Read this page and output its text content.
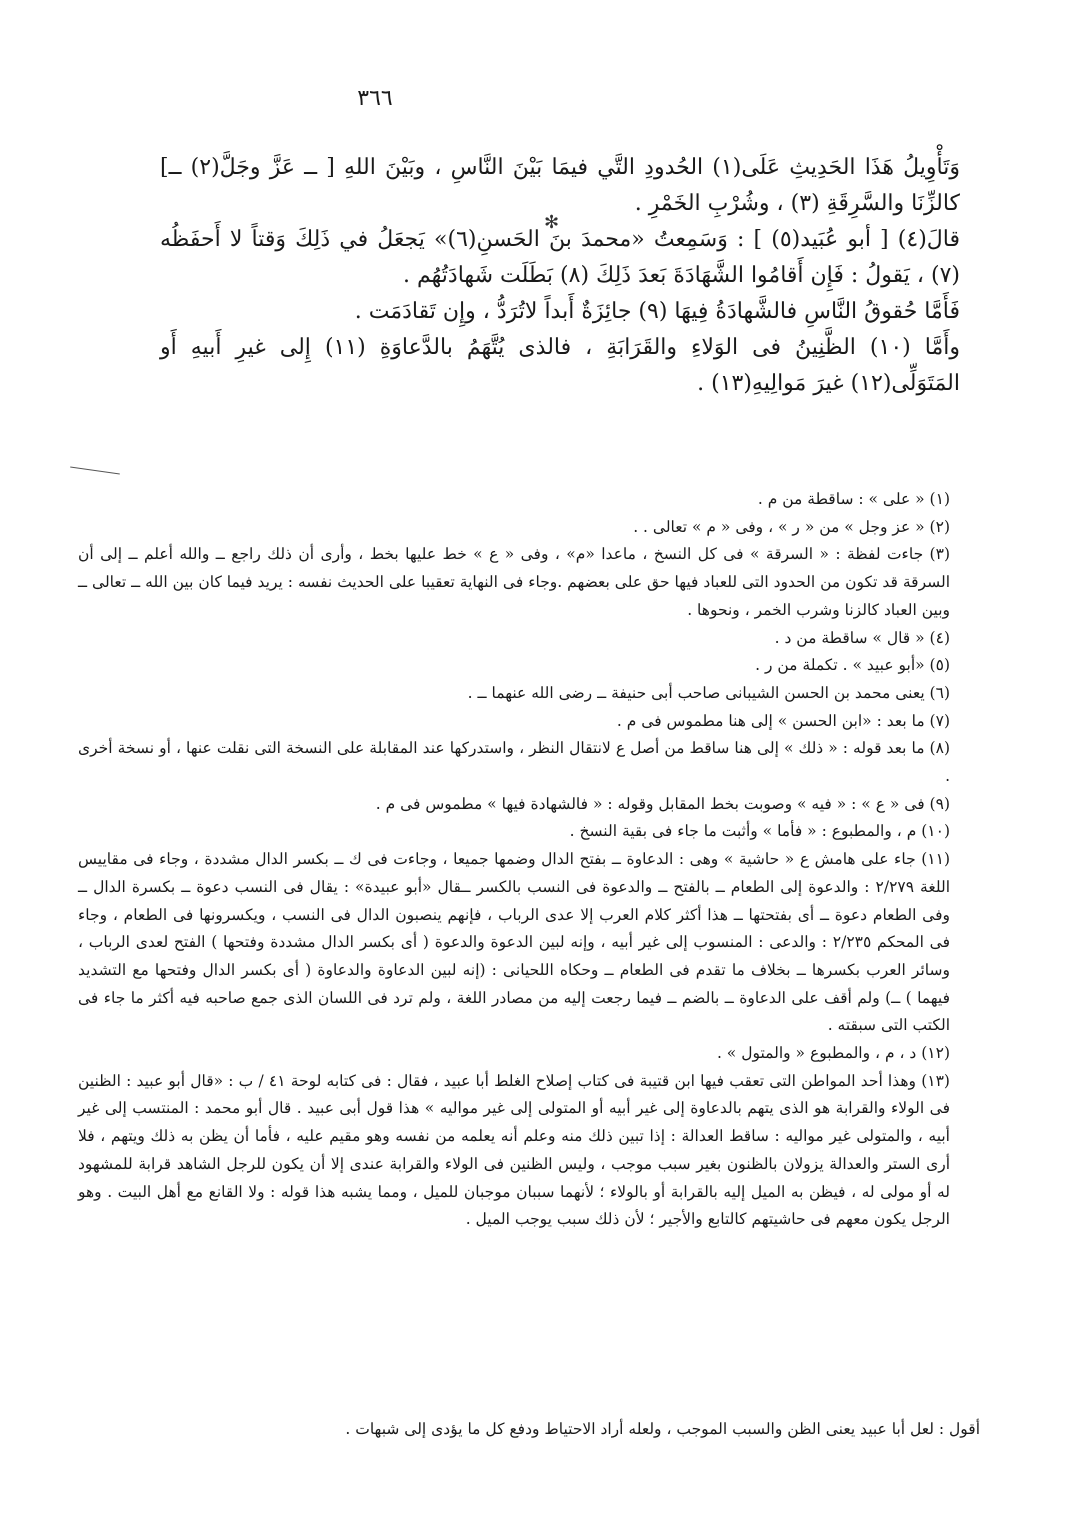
٣٦٦

وَتَأْوِيلُ هَذَا الحَدِيثِ عَلَى(١) الحُدودِ التَّي فيمَا بَيْنَ النَّاسِ ، وبَيْنَ اللهِ [ ــ عَزَّ وجَلَّ(٢) ــ] كالزِّنَا والسَّرِقَةِ (٣) ، وشُرْبِ الخَمْرِ .

قالَ(٤) [ أبو عُبَيد(٥) ] : وَسَمِعتُ «محمدَ بنَ الحَسنِ(٦)» يَجعَلُ في ذَلِكَ وَقتاً لا أَحفَظُه (٧) ، يَقولُ : فَإِن أَقامُوا الشَّهَادَةَ بَعدَ ذَلِكَ (٨) بَطَلَت شَهادَتُهُم .

فَأَمَّا حُقوقُ النَّاسِ فالشَّهادَةُ فِيهَا (٩) جائِزَةٌ أَبداً لاتُرَدُّ ، وإِن تَقادَمَت .

وأَمَّا (١٠) الظَّنِينُ فى الوَلاءِ والقَرَابَةِ ، فالذى يُتَّهَمُ بالدَّعاوَةِ (١١) إِلى غيرِ أَبيهِ أَو المَتَوَلِّى(١٢) غيرَ مَوالِيهِ(١٣) .

✻

(١) « على » : ساقطة من م .

(٢) « عز وجل » من « ر » ، وفى « م » تعالى . .

(٣) جاءت لفظة : « السرقة » فى كل النسخ ، ماعدا «م» ، وفى « ع » خط عليها بخط ، وأرى أن ذلك راجع ــ والله أعلم ــ إلى أن السرقة قد تكون من الحدود التى للعباد فيها حق على بعضهم .وجاء فى النهاية تعقيبا على الحديث نفسه : يريد فيما كان بين الله ــ تعالى ــ وبين العباد كالزنا وشرب الخمر ، ونحوها .

(٤) « قال » ساقطة من د .

(٥) «أبو عبيد » . تكملة من ر .

(٦) يعنى محمد بن الحسن الشيبانى صاحب أبى حنيفة ــ رضى الله عنهما ــ .

(٧) ما بعد : «ابن الحسن » إلى هنا مطموس فى م .

(٨) ما بعد قوله : « ذلك » إلى هنا ساقط من أصل ع لانتقال النظر ، واستدركها عند المقابلة على النسخة التى نقلت عنها ، أو نسخة أخرى .

(٩) فى « ع » : « فيه » وصوبت بخط المقابل وقوله : « فالشهادة فيها » مطموس فى م .

(١٠) م ، والمطبوع : « فأما » وأثبت ما جاء فى بقية النسخ .

(١١) جاء على هامش ع « حاشية » وهى : الدعاوة ــ بفتح الدال وضمها جميعا ، وجاءت فى ك ــ بكسر الدال مشددة ، وجاء فى مقاييس اللغة ٢/٢٧٩ : والدعوة إلى الطعام ــ بالفتح ــ والدعوة فى النسب بالكسر ــقال «أبو عبيدة» : يقال فى النسب دعوة ــ بكسرة الدال ــ وفى الطعام دعوة ــ أى بفتحتها ــ هذا أكثر كلام العرب إلا عدى الرباب ، فإنهم ينصبون الدال فى النسب ، ويكسرونها فى الطعام ، وجاء فى المحكم ٢/٢٣٥ : والدعى : المنسوب إلى غير أبيه ، وإنه لبين الدعوة والدعوة ( أى بكسر الدال مشددة وفتحها ) الفتح لعدى الرباب ، وسائر العرب بكسرها ــ بخلاف ما تقدم فى الطعام ــ وحكاه اللحيانى : (إنه لبين الدعاوة والدعاوة ( أى بكسر الدال وفتحها مع التشديد فيهما ) ــ) ولم أقف على الدعاوة ــ بالضم ــ فيما رجعت إليه من مصادر اللغة ، ولم ترد فى اللسان الذى جمع صاحبه فيه أكثر ما جاء فى الكتب التى سبقته .

(١٢) د ، م ، والمطبوع « والمتول » .

(١٣) وهذا أحد المواطن التى تعقب فيها ابن قتيبة فى كتاب إصلاح الغلط أبا عبيد ، فقال : فى كتابه لوحة ٤١ / ب : «قال أبو عبيد : الظنين فى الولاء والقرابة هو الذى يتهم بالدعاوة إلى غير أبيه أو المتولى إلى غير مواليه » هذا قول أبى عبيد . قال أبو محمد : المنتسب إلى غير أبيه ، والمتولى غير مواليه : ساقط العدالة : إذا تبين ذلك منه وعلم أنه يعلمه من نفسه وهو مقيم عليه ، فأما أن يظن به ذلك ويتهم ، فلا أرى الستر والعدالة يزولان بالظنون بغير سبب موجب ، وليس الظنين فى الولاء والقرابة عندى إلا أن يكون للرجل الشاهد قرابة للمشهود له أو مولى له ، فيظن به الميل إليه بالقرابة أو بالولاء ؛ لأنهما سببان موجبان للميل ، ومما يشبه هذا قوله : ولا القانع مع أهل البيت . وهو الرجل يكون معهم فى حاشيتهم كالتابع والأجير ؛ لأن ذلك سبب يوجب الميل .

أقول : لعل أبا عبيد يعنى الظن والسبب الموجب ، ولعله أراد الاحتياط ودفع كل ما يؤدى إلى شبهات .
